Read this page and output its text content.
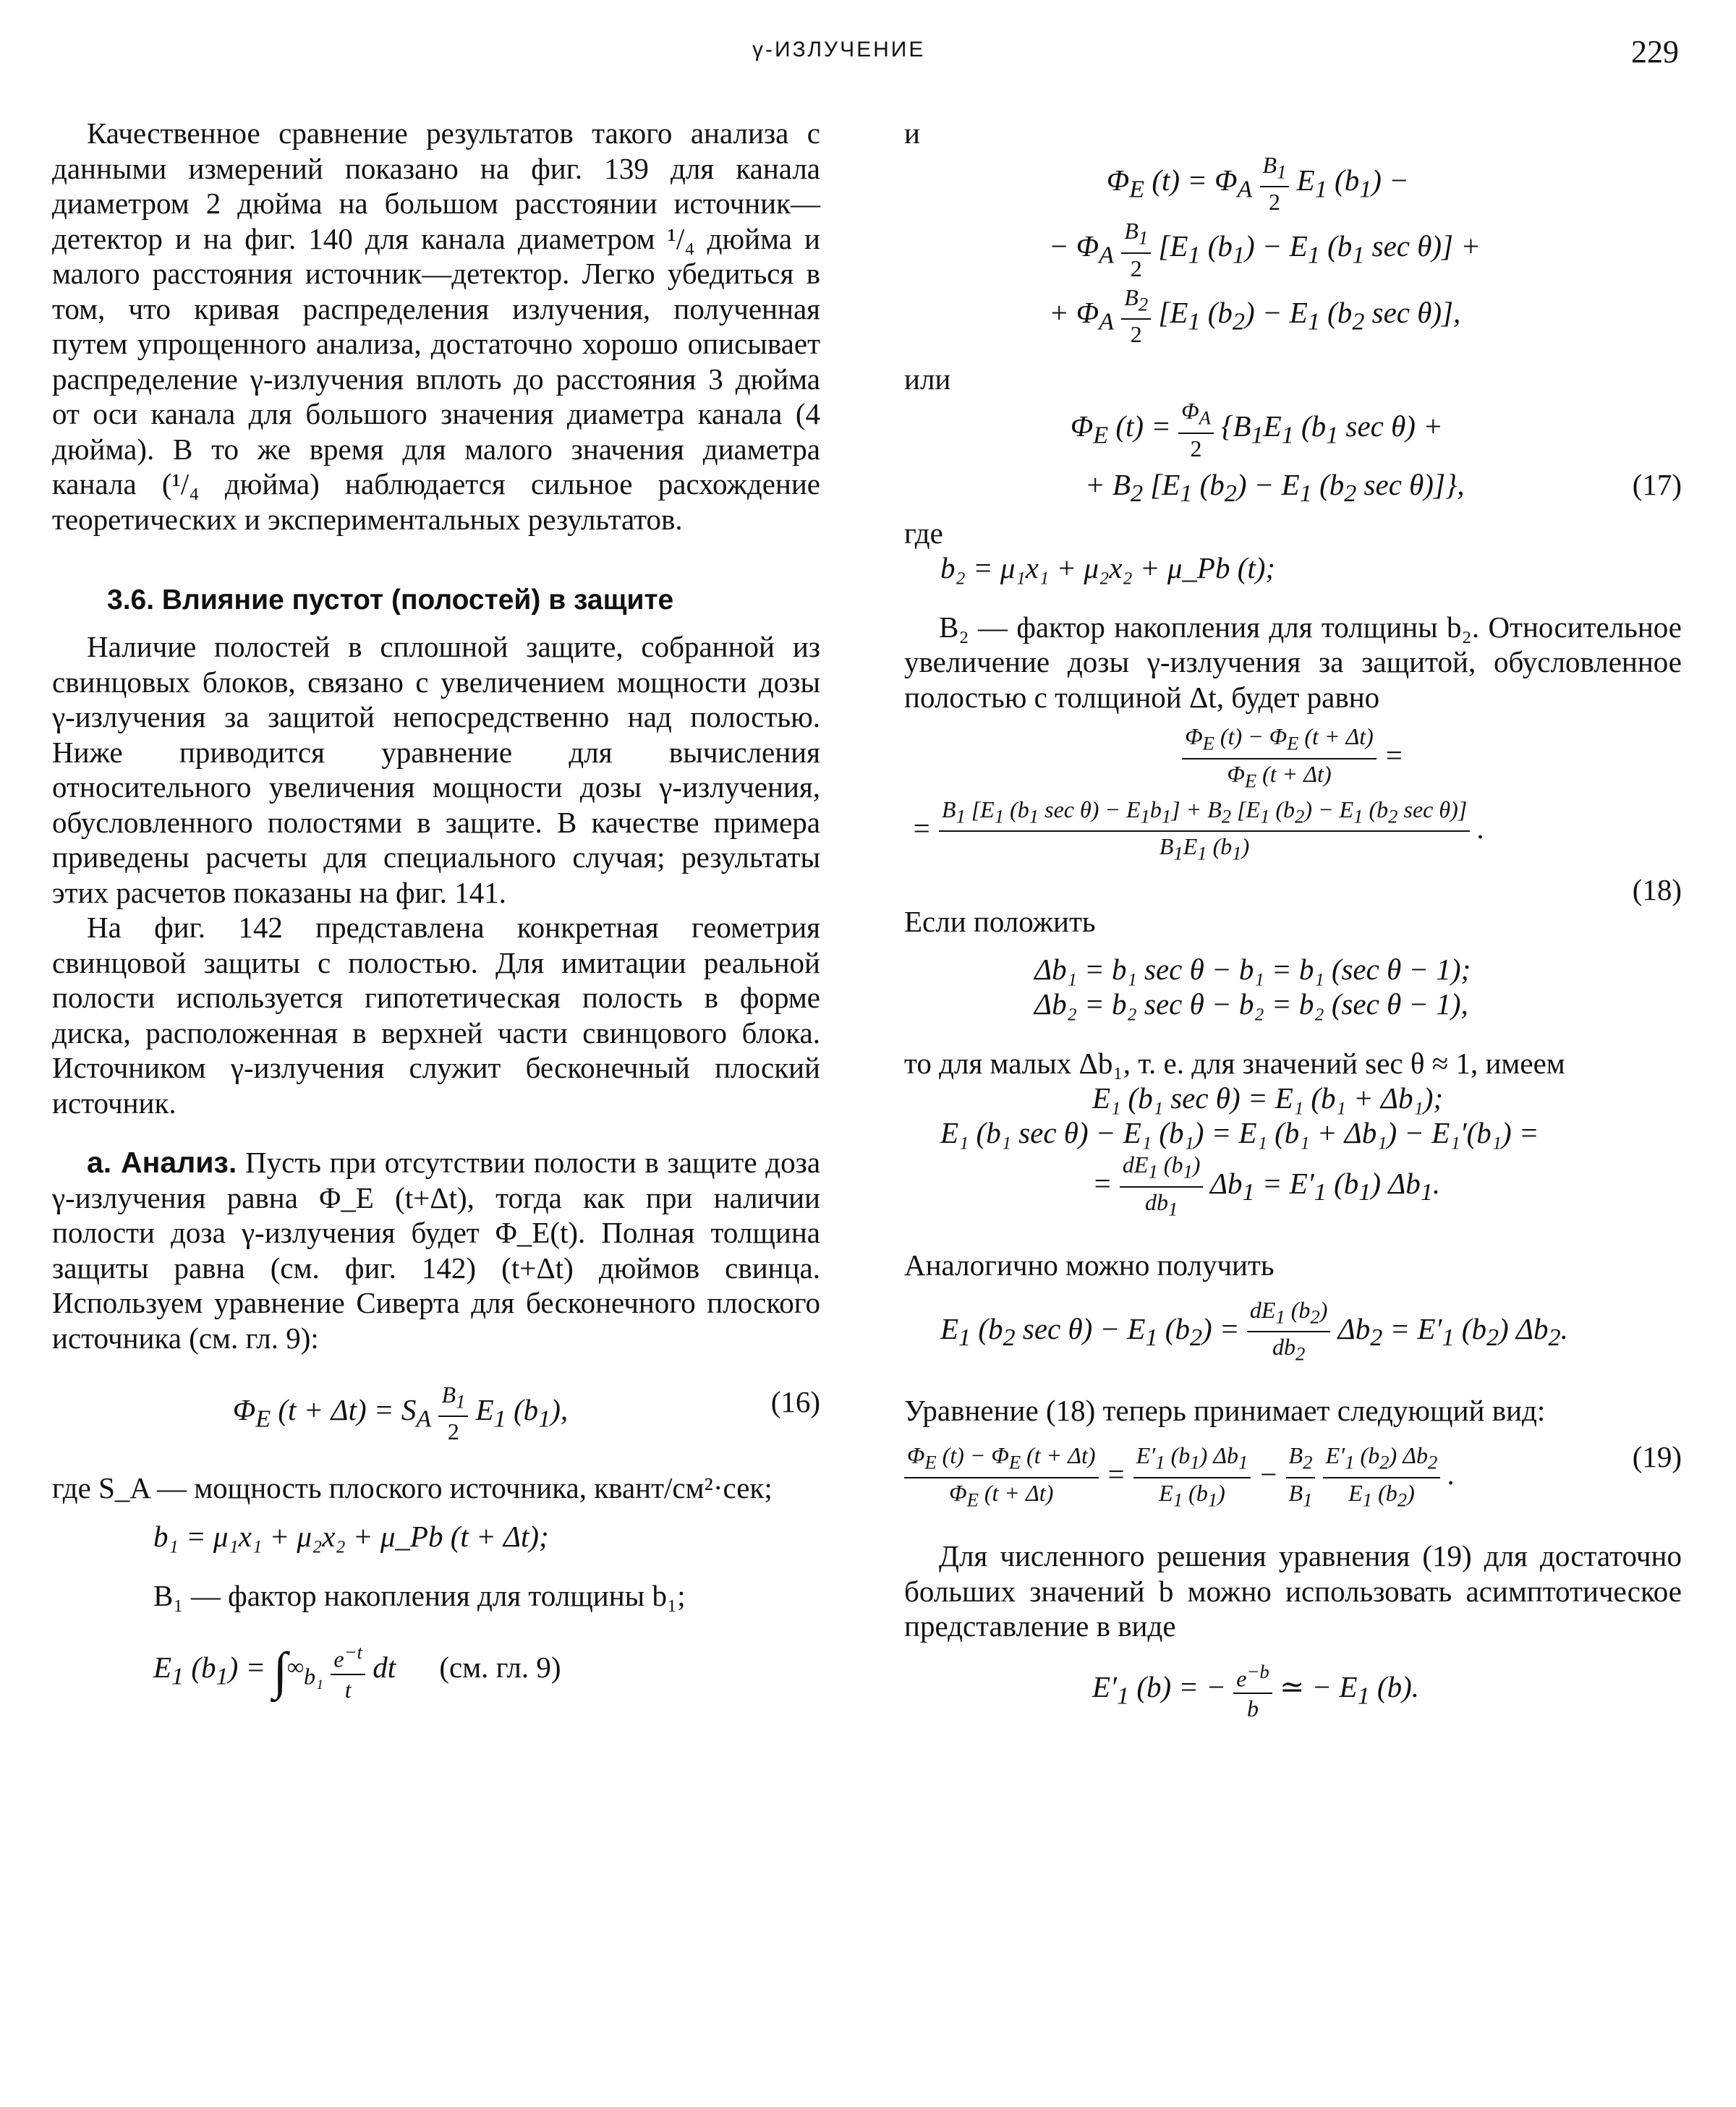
γ-ИЗЛУЧЕНИЕ	229

Качественное сравнение результатов такого анализа с данными измерений показано на фиг. 139 для канала диаметром 2 дюйма на большом расстоянии источник—детектор и на фиг. 140 для канала диаметром ¹/₄ дюйма и малого расстояния источник—детектор. Легко убедиться в том, что кривая распределения излучения, полученная путем упрощенного анализа, достаточно хорошо описывает распределение γ-излучения вплоть до расстояния 3 дюйма от оси канала для большого значения диаметра канала (4 дюйма). В то же время для малого значения диаметра канала (¹/₄ дюйма) наблюдается сильное расхождение теоретических и экспериментальных результатов.

3.6. Влияние пустот (полостей) в защите

Наличие полостей в сплошной защите, собранной из свинцовых блоков, связано с увеличением мощности дозы γ-излучения за защитой непосредственно над полостью. Ниже приводится уравнение для вычисления относительного увеличения мощности дозы γ-излучения, обусловленного полостями в защите. В качестве примера приведены расчеты для специального случая; результаты этих расчетов показаны на фиг. 141.

На фиг. 142 представлена конкретная геометрия свинцовой защиты с полостью. Для имитации реальной полости используется гипотетическая полость в форме диска, расположенная в верхней части свинцового блока. Источником γ-излучения служит бесконечный плоский источник.

а. Анализ. Пусть при отсутствии полости в защите доза γ-излучения равна Φ_E (t+Δt), тогда как при наличии полости доза γ-излучения будет Φ_E(t). Полная толщина защиты равна (см. фиг. 142) (t+Δt) дюймов свинца. Используем уравнение Сиверта для бесконечного плоского источника (см. гл. 9):

$\Phi_E$ $(t + \Delta t) = S_A \frac{B_1}{2} E_1$ $(b_1)$,	(16)

где S_A — мощность плоского источника, квант/см²·сек;

b₁ = μ₁x₁ + μ₂x₂ + μ_Pb (t + Δt);

B₁ — фактор накопления для толщины b₁;

$E_1$ $(b_1) = \int^\infty_{b_1} \frac{e^{-t}}{t}$ dt (см. гл. 9)

и

$\Phi_E$ $(t) = \Phi_A \frac{B_1}{2} E_1$ $(b_1)$ −
− $\Phi_A \frac{B_1}{2} [E_1$ $(b_1) - E_1$ ($b_1$ sec θ)] +
+ $\Phi_A \frac{B_2}{2} [E_1$ $(b_2) - E_1$ ($b_2$ sec θ)],

или

$\Phi_E$ $(t) = \frac{\Phi_A}{2} \{B_1E_1$ ($b_1$ sec θ) +
+ $B_2$ [$E_1$ $(b_2) - E_1$ ($b_2$ sec θ)]},	(17)

где

b₂ = μ₁x₁ + μ₂x₂ + μ_Pb (t);

B₂ — фактор накопления для толщины b₂. Относительное увеличение дозы γ-излучения за защитой, обусловленное полостью с толщиной Δt, будет равно

$\frac{\Phi_E (t) - \Phi_E (t + \Delta t)}{\Phi_E (t + \Delta t)}$ =
= $\frac{B_1 [E_1 (b_1 \sec \theta) - E_1b_1] + B_2 [E_1 (b_2) - E_1 (b_2 \sec \theta)]}{B_1E_1 (b_1)}$ .
(18)

Если положить

Δb₁ = b₁ sec θ − b₁ = b₁ (sec θ − 1);

Δb₂ = b₂ sec θ − b₂ = b₂ (sec θ − 1),

то для малых Δb₁, т. е. для значений sec θ ≈ 1, имеем

E₁ (b₁ sec θ) = E₁ (b₁ + Δb₁);

E₁ (b₁ sec θ) − E₁ (b₁) = E₁ (b₁ + Δb₁) − E₁′(b₁) =

= $\frac{dE_1 (b_1)}{db_1} \Delta b_1 = E'_1$ $(b_1)$ $\Delta b_1$.

Аналогично можно получить

$E_1$ ($b_2$ $\sec \theta) - E_1$ $(b_2) = \frac{dE_1 (b_2)}{db_2} \Delta b_2 = E'_1$ $(b_2)$ $\Delta b_2$.

Уравнение (18) теперь принимает следующий вид:

$\frac{\Phi_E (t) - \Phi_E (t + \Delta t)}{\Phi_E (t + \Delta t)} = \frac{E'_1 (b_1) \Delta b_1}{E_1 (b_1)} - \frac{B_2}{B_1}$
$\frac{E'_1 (b_2) \Delta b_2}{E_1 (b_2)}$ .
(19)

Для численного решения уравнения (19) для достаточно больших значений b можно использовать асимптотическое представление в виде

$E'_1$ (b) = − $\frac{e^{-b}}{b}$ ≃ − $E_1$ (b).
